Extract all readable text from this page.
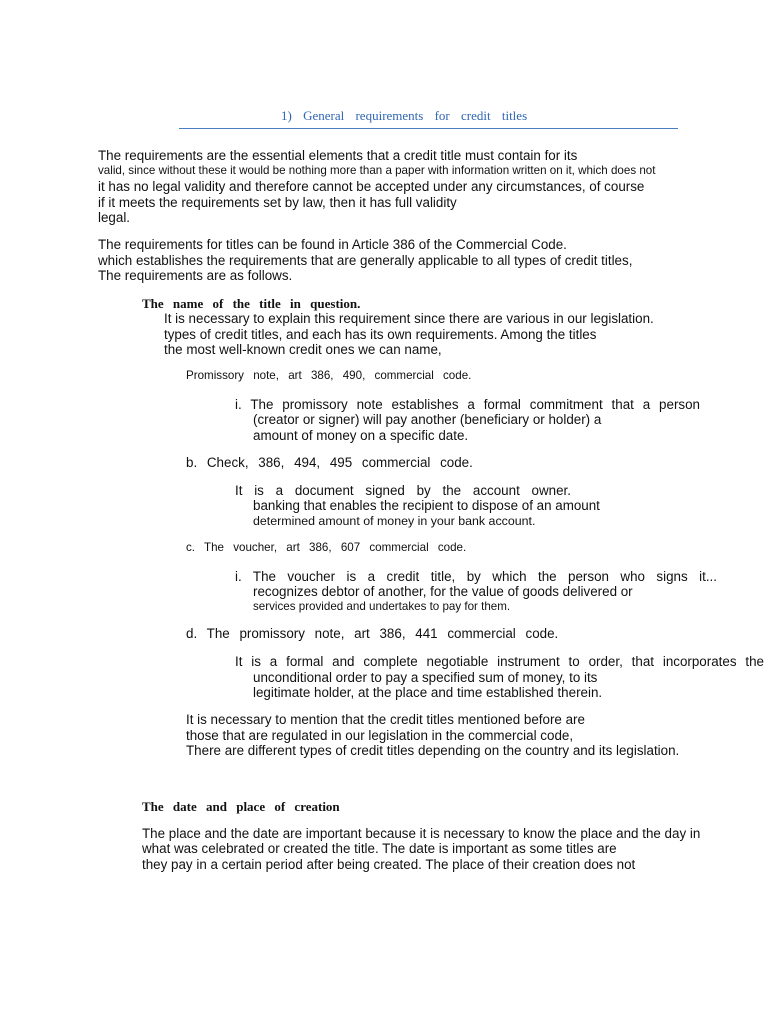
1) General requirements for credit titles
The requirements are the essential elements that a credit title must contain for its
valid, since without these it would be nothing more than a paper with information written on it, which does not
it has no legal validity and therefore cannot be accepted under any circumstances, of course
if it meets the requirements set by law, then it has full validity
legal.
The requirements for titles can be found in Article 386 of the Commercial Code.
which establishes the requirements that are generally applicable to all types of credit titles,
The requirements are as follows.
The name of the title in question.
It is necessary to explain this requirement since there are various in our legislation.
types of credit titles, and each has its own requirements. Among the titles
the most well-known credit ones we can name,
Promissory note, art 386, 490, commercial code.
i. The promissory note establishes a formal commitment that a person
(creator or signer) will pay another (beneficiary or holder) a
amount of money on a specific date.
b. Check, 386, 494, 495 commercial code.
It is a document signed by the account owner.
banking that enables the recipient to dispose of an amount
determined amount of money in your bank account.
c. The voucher, art 386, 607 commercial code.
i. The voucher is a credit title, by which the person who signs it...
recognizes debtor of another, for the value of goods delivered or
services provided and undertakes to pay for them.
d. The promissory note, art 386, 441 commercial code.
It is a formal and complete negotiable instrument to order, that incorporates the
unconditional order to pay a specified sum of money, to its
legitimate holder, at the place and time established therein.
It is necessary to mention that the credit titles mentioned before are
those that are regulated in our legislation in the commercial code,
There are different types of credit titles depending on the country and its legislation.
The date and place of creation
The place and the date are important because it is necessary to know the place and the day in
what was celebrated or created the title. The date is important as some titles are
they pay in a certain period after being created. The place of their creation does not
